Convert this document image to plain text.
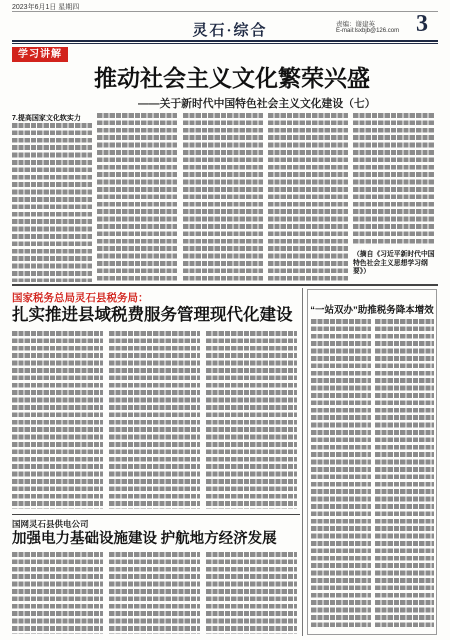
2023年6月1日 星期四
灵石·综合	责编：谢建英
E-mail:lsxbjb@126.com 3
学习讲解
推动社会主义文化繁荣兴盛
——关于新时代中国特色社会主义文化建设（七）
7.提高国家文化软实力
（摘自《习近平新时代中国特色社会主义思想学习纲要》）
国家税务总局灵石县税务局：
扎实推进县域税费服务管理现代化建设	“一站双办”助推税务降本增效
国网灵石县供电公司
加强电力基础设施建设 护航地方经济发展
